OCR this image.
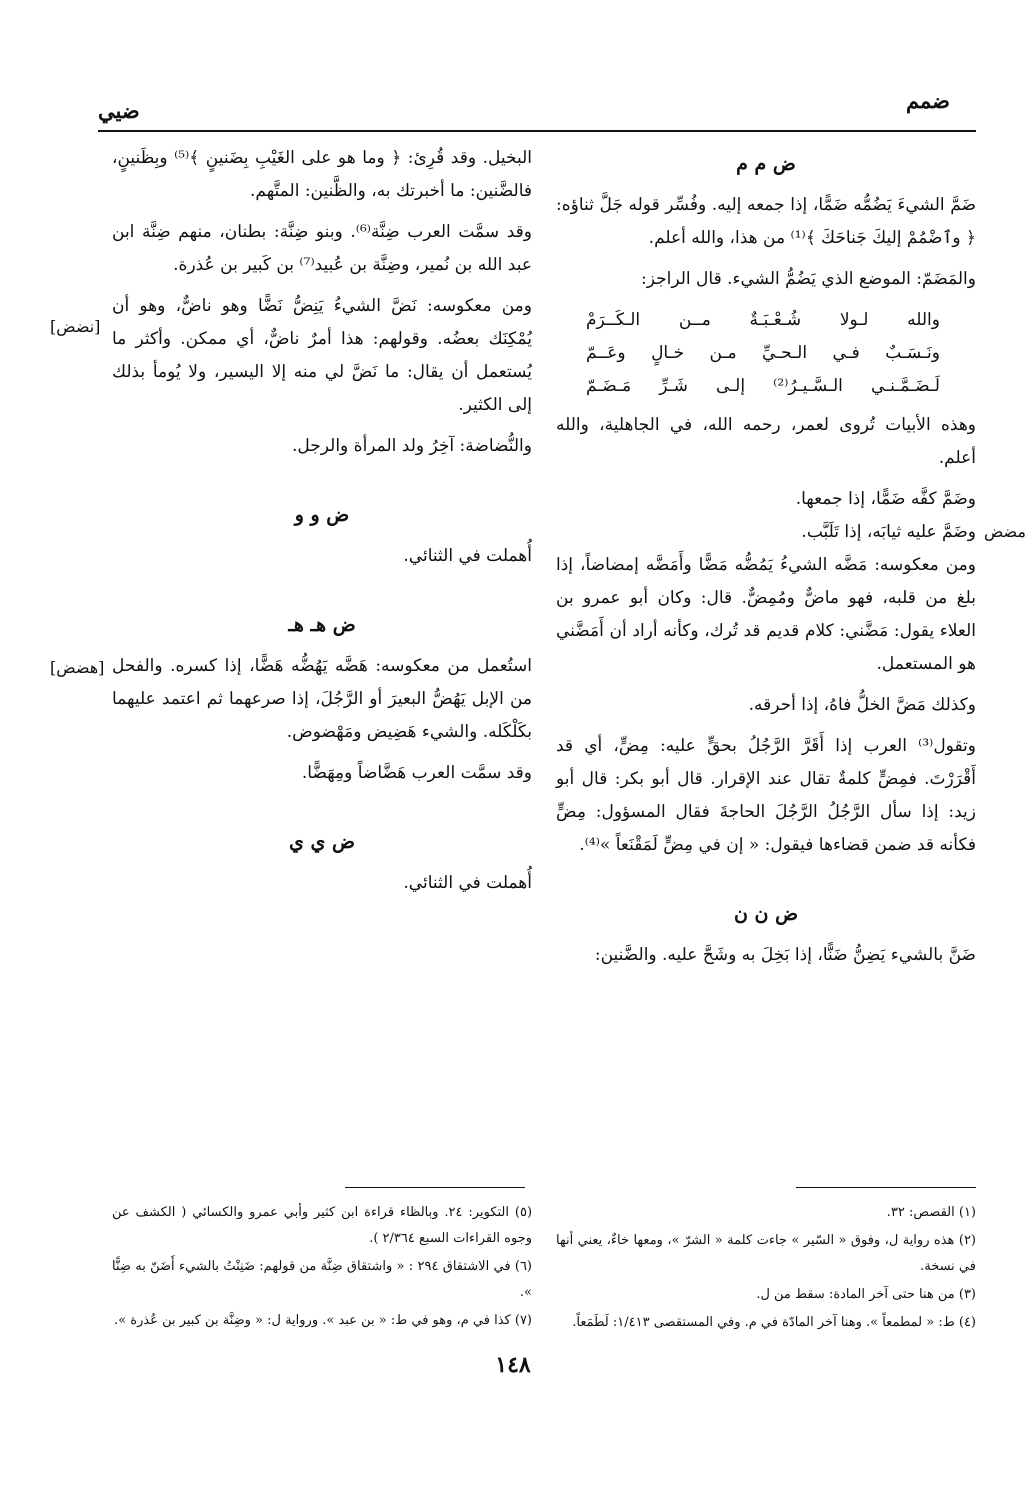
ضمم
ضيي
[نضض]
مضض
[هضض]
ض م م

ضَمَّ الشيءَ يَضُمُّه ضَمًّا، إذا جمعه إليه. وفُسِّر قوله جَلَّ ثناؤه: ﴿ وٱضْمُمْ إليكَ جَناحَكَ ﴾⁽¹⁾ من هذا، والله أعلم.

والمَضَمّ: الموضع الذي يَضُمُّ الشيء. قال الراجز:

والله لـولا شُـعْـبَـةٌ مــن الـكَــرَمْ
ونَـسَـبٌ فـي الـحـيِّ مـن خـالٍ وعَــمّ
لَـضَـمَّـنـي الـسَّـيـرُ⁽²⁾ إلـى شَـرِّ مَـضَـمّ

وهذه الأبيات تُروى لعمر، رحمه الله، في الجاهلية، والله أعلم.

وضَمَّ كفَّه ضَمًّا، إذا جمعها.

وضَمَّ عليه ثيابَه، إذا تَلَبَّب.

ومن معكوسه: مَضَّه الشيءُ يَمُضُّه مَضًّا وأَمَضَّه إمضاضاً، إذا بلغ من قلبه، فهو ماضٌّ ومُمِضٌّ. قال: وكان أبو عمرو بن العلاء يقول: مَضَّني: كلام قديم قد تُرك، وكأنه أراد أن أَمَضَّني هو المستعمل.

وكذلك مَضَّ الخلُّ فاهُ، إذا أحرقه.

وتقول⁽³⁾ العرب إذا أَقَرَّ الرَّجُلُ بحقٍّ عليه: مِضٍّ، أي قد أَقْرَرْتَ. فمِضٍّ كلمةٌ تقال عند الإقرار. قال أبو بكر: قال أبو زيد: إذا سأل الرَّجُلُ الرَّجُلَ الحاجةَ فقال المسؤول: مِضٍّ فكأنه قد ضمن قضاءها فيقول: « إن في مِضٍّ لَمَقْنَعاً »⁽⁴⁾.

ض ن ن

ضَنَّ بالشيء يَضِنُّ ضَنًّا، إذا بَخِلَ به وشَحَّ عليه. والضَّنين:

البخيل. وقد قُرِئ: ﴿ وما هو على الغَيْبِ بِضَنينٍ ﴾⁽⁵⁾ وبِظَنينٍ، فالضَّنين: ما أخبرتك به، والظَّنين: المتَّهم.

وقد سمَّت العرب ضِنَّة⁽⁶⁾. وبنو ضِنَّة: بطنان، منهم ضِنَّة ابن عبد الله بن نُمير، وضِنَّة بن عُبيد⁽⁷⁾ بن كَبير بن عُذرة.

ومن معكوسه: نَضَّ الشيءُ يَنِضُّ نَضًّا وهو ناضٌّ، وهو أن يُمْكِنَك بعضُه. وقولهم: هذا أمرٌ ناضٌّ، أي ممكن. وأكثر ما يُستعمل أن يقال: ما نَضَّ لي منه إلا اليسير، ولا يُومأ بذلك إلى الكثير.

والنُّضاضة: آخِرُ ولد المرأة والرجل.

ض و و

أُهملت في الثنائي.

ض هـ هـ

استُعمل من معكوسه: هَضَّه يَهُضُّه هَضًّا، إذا كسره. والفحل من الإبل يَهُضُّ البعيرَ أو الرَّجُلَ، إذا صرعهما ثم اعتمد عليهما بكَلْكَله. والشيء هَضِيض ومَهْضوض.

وقد سمَّت العرب هَضَّاضاً ومِهَضًّا.

ض ي ي

أُهملت في الثنائي.

(١) القصص: ٣٢.
(٢) هذه رواية ل، وفوق « السّير » جاءت كلمة « الشرّ »، ومعها خاءٌ، يعني أنها في نسخة.
(٣) من هنا حتى آخر المادة: سقط من ل.
(٤) ط: « لمطمعاً ». وهنا آخر المادّة في م. وفي المستقصى ١/٤١٣: لَطَمَعاً.
(٥) التكوير: ٢٤. وبالظاء قراءة ابن كثير وأبي عمرو والكسائي ( الكشف عن وجوه القراءات السبع ٢/٣٦٤ ).
(٦) في الاشتقاق ٢٩٤ : « واشتقاق ضِنَّة من قولهم: ضَنِنْتُ بالشيء أَضَنّ به ضِنًّا ».
(٧) كذا في م، وهو في ط: « بن عبد ». ورواية ل: « وضِنَّة بن كبير بن عُذرة ».
١٤٨
